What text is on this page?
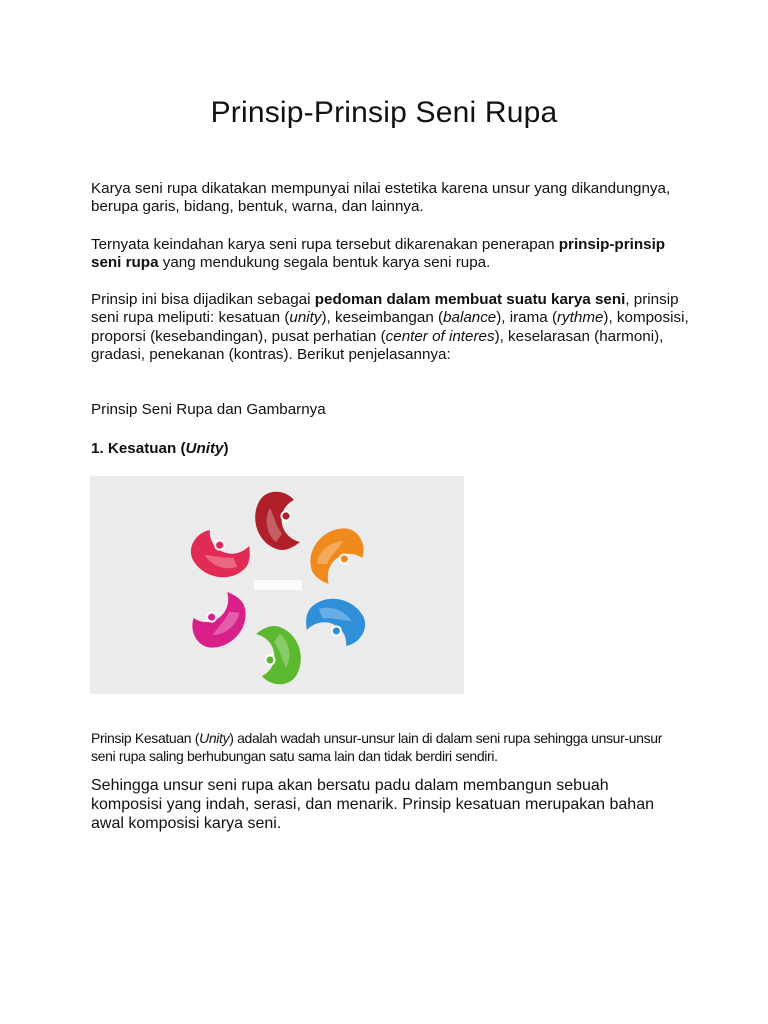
Prinsip-Prinsip Seni Rupa

Karya seni rupa dikatakan mempunyai nilai estetika karena unsur yang dikandungnya, berupa garis, bidang, bentuk, warna, dan lainnya.

Ternyata keindahan karya seni rupa tersebut dikarenakan penerapan prinsip-prinsip seni rupa yang mendukung segala bentuk karya seni rupa.

Prinsip ini bisa dijadikan sebagai pedoman dalam membuat suatu karya seni, prinsip seni rupa meliputi: kesatuan (unity), keseimbangan (balance), irama (rythme), komposisi, proporsi (kesebandingan), pusat perhatian (center of interes), keselarasan (harmoni), gradasi, penekanan (kontras). Berikut penjelasannya:

Prinsip Seni Rupa dan Gambarnya

1. Kesatuan (Unity)

Prinsip Kesatuan (Unity) adalah wadah unsur-unsur lain di dalam seni rupa sehingga unsur-unsur seni rupa saling berhubungan satu sama lain dan tidak berdiri sendiri.

Sehingga unsur seni rupa akan bersatu padu dalam membangun sebuah komposisi yang indah, serasi, dan menarik. Prinsip kesatuan merupakan bahan awal komposisi karya seni.
